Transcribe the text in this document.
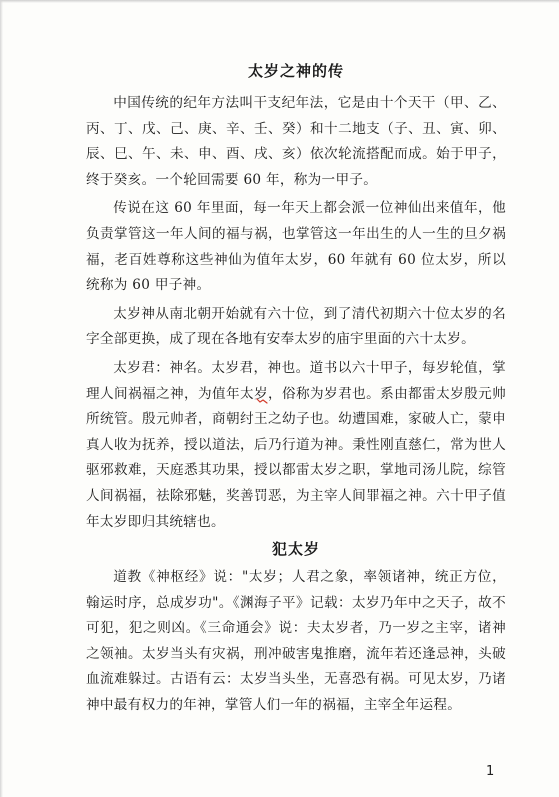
太岁之神的传

中国传统的纪年方法叫干支纪年法，它是由十个天干（甲、乙、丙、丁、戊、己、庚、辛、壬、癸）和十二地支（子、丑、寅、卯、辰、巳、午、未、申、酉、戌、亥）依次轮流搭配而成。始于甲子，终于癸亥。一个轮回需要 60 年，称为一甲子。

传说在这 60 年里面，每一年天上都会派一位神仙出来值年，他负责掌管这一年人间的福与祸，也掌管这一年出生的人一生的旦夕祸福，老百姓尊称这些神仙为值年太岁，60 年就有 60 位太岁，所以统称为 60 甲子神。

太岁神从南北朝开始就有六十位，到了清代初期六十位太岁的名字全部更换，成了现在各地有安奉太岁的庙宇里面的六十太岁。

太岁君：神名。太岁君，神也。道书以六十甲子，每岁轮值，掌理人间祸福之神，为值年太岁，俗称为岁君也。系由都雷太岁殷元帅所统管。殷元帅者，商朝纣王之幼子也。幼遭国难，家破人亡，蒙申真人收为抚养，授以道法，后乃行道为神。秉性刚直慈仁，常为世人驱邪救难，天庭悉其功果，授以都雷太岁之职，掌地司汤儿院，综管人间祸福，祛除邪魅，奖善罚恶，为主宰人间罪福之神。六十甲子值年太岁即归其统辖也。

犯太岁

道教《神枢经》说："太岁；人君之象，率领诸神，统正方位，翰运时序，总成岁功"。《渊海子平》记载：太岁乃年中之天子，故不可犯，犯之则凶。《三命通会》说：夫太岁者，乃一岁之主宰，诸神之领袖。太岁当头有灾祸，刑冲破害鬼推磨，流年若还逢忌神，头破血流难躲过。古语有云：太岁当头坐，无喜恐有祸。可见太岁，乃诸神中最有权力的年神，掌管人们一年的祸福，主宰全年运程。

1
